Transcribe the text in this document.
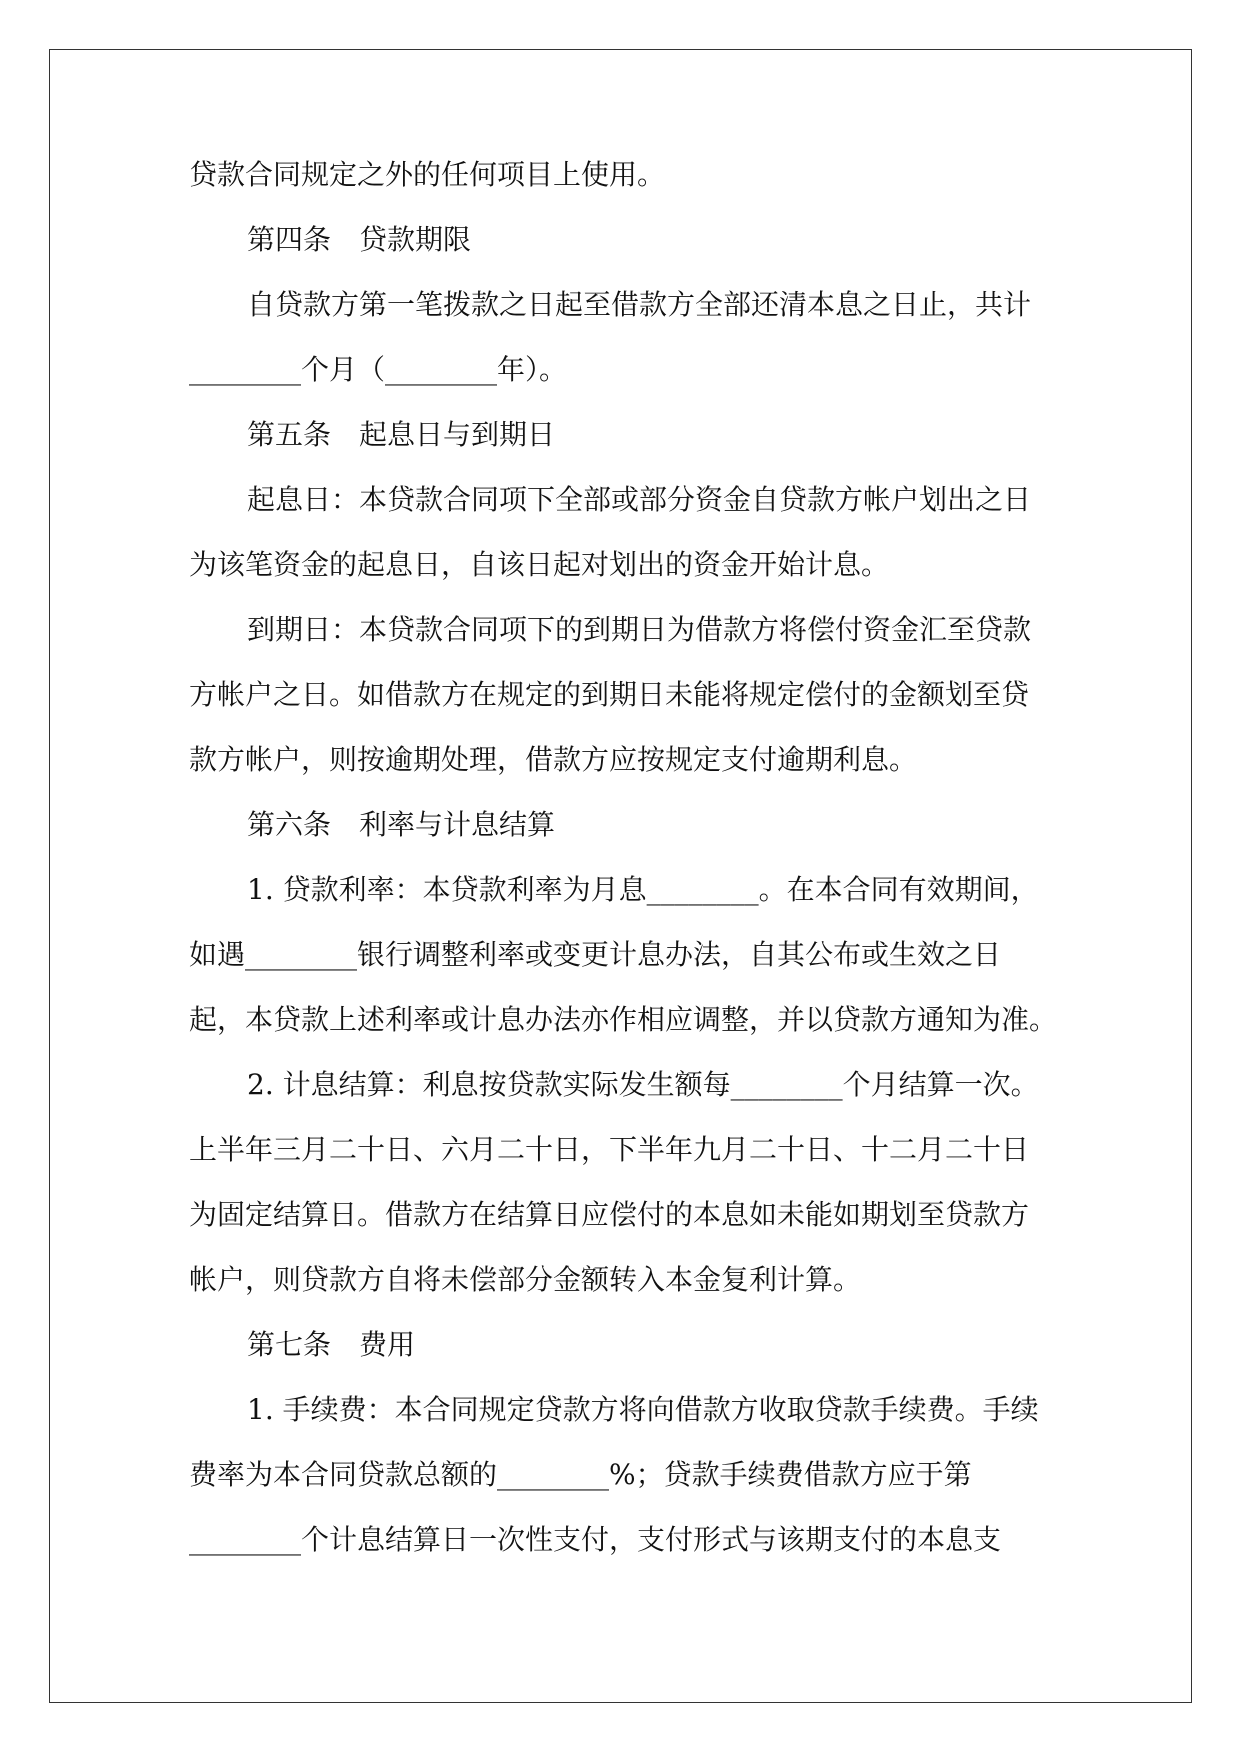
贷款合同规定之外的任何项目上使用。

第四条　贷款期限

自贷款方第一笔拨款之日起至借款方全部还清本息之日止，共计

________个月（________年）。

第五条　起息日与到期日

起息日：本贷款合同项下全部或部分资金自贷款方帐户划出之日

为该笔资金的起息日，自该日起对划出的资金开始计息。

到期日：本贷款合同项下的到期日为借款方将偿付资金汇至贷款

方帐户之日。如借款方在规定的到期日未能将规定偿付的金额划至贷

款方帐户，则按逾期处理，借款方应按规定支付逾期利息。

第六条　利率与计息结算

1. 贷款利率：本贷款利率为月息________。在本合同有效期间，

如遇________银行调整利率或变更计息办法，自其公布或生效之日

起，本贷款上述利率或计息办法亦作相应调整，并以贷款方通知为准。

2. 计息结算：利息按贷款实际发生额每________个月结算一次。

上半年三月二十日、六月二十日，下半年九月二十日、十二月二十日

为固定结算日。借款方在结算日应偿付的本息如未能如期划至贷款方

帐户，则贷款方自将未偿部分金额转入本金复利计算。

第七条　费用

1. 手续费：本合同规定贷款方将向借款方收取贷款手续费。手续

费率为本合同贷款总额的________%；贷款手续费借款方应于第

________个计息结算日一次性支付，支付形式与该期支付的本息支
